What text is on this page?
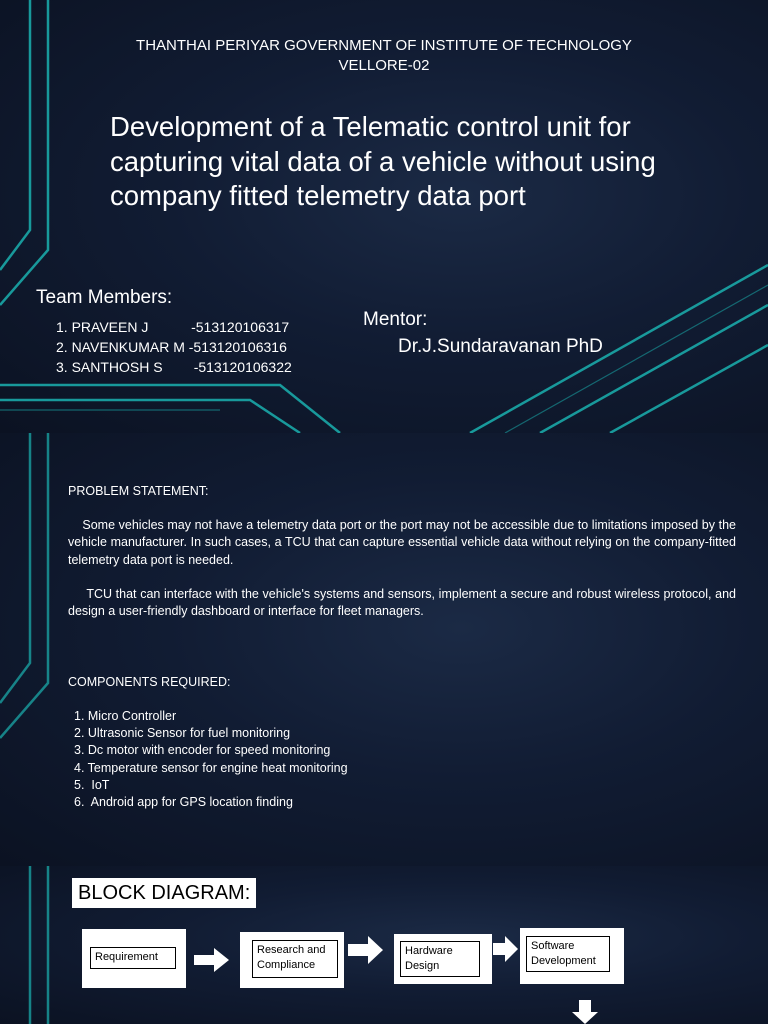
THANTHAI PERIYAR GOVERNMENT OF INSTITUTE OF TECHNOLOGY
VELLORE-02
Development of a Telematic control unit for capturing vital data of a vehicle without using company fitted telemetry data port
Team Members:
1. PRAVEEN J           -513120106317
2. NAVENKUMAR M -513120106316
3. SANTHOSH S        -513120106322
Mentor:
Dr.J.Sundaravanan PhD
PROBLEM STATEMENT:
Some vehicles may not have a telemetry data port or the port may not be accessible due to limitations imposed by the vehicle manufacturer. In such cases, a TCU that can capture essential vehicle data without relying on the company-fitted telemetry data port is needed.
TCU that can interface with the vehicle's systems and sensors, implement a secure and robust wireless protocol, and design a user-friendly dashboard or interface for fleet managers.
COMPONENTS REQUIRED:
1. Micro Controller
2. Ultrasonic Sensor for fuel monitoring
3. Dc motor with encoder for speed monitoring
4. Temperature sensor for engine heat monitoring
5.  IoT
6.  Android app for GPS location finding
BLOCK DIAGRAM:
Requirement
Research and Compliance
Hardware Design
Software Development
